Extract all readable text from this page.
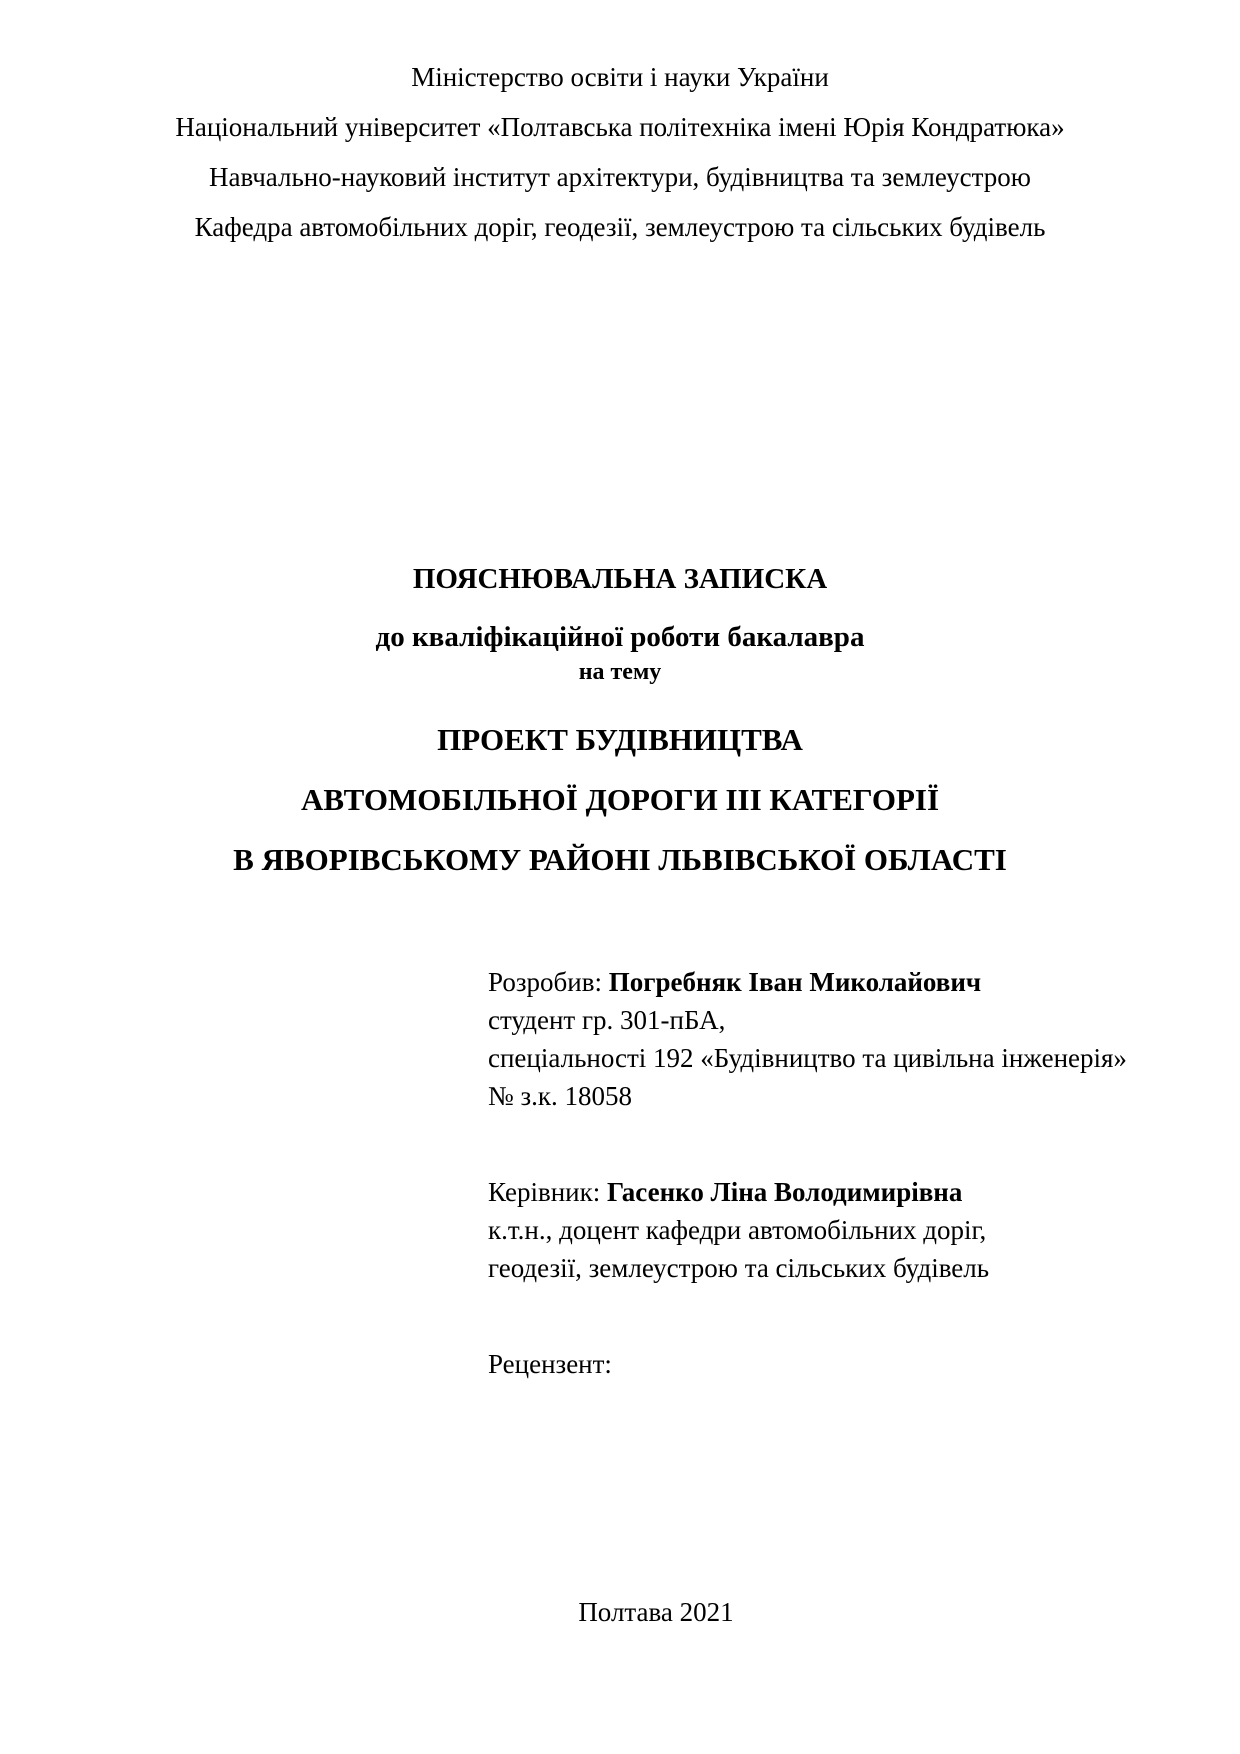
Міністерство освіти і науки України
Національний університет «Полтавська політехніка імені Юрія Кондратюка»
Навчально-науковий інститут архітектури, будівництва та землеустрою
Кафедра автомобільних доріг, геодезії, землеустрою та сільських будівель
ПОЯСНЮВАЛЬНА ЗАПИСКА
до кваліфікаційної роботи бакалавра
на тему
ПРОЕКТ БУДІВНИЦТВА
АВТОМОБІЛЬНОЇ ДОРОГИ ІІІ КАТЕГОРІЇ
В ЯВОРІВСЬКОМУ РАЙОНІ ЛЬВІВСЬКОЇ ОБЛАСТІ
Розробив: Погребняк Іван Миколайович
студент гр. 301-пБА,
спеціальності 192 «Будівництво та цивільна інженерія»
№ з.к. 18058
Керівник: Гасенко Ліна Володимирівна
к.т.н., доцент кафедри автомобільних доріг,
геодезії, землеустрою та сільських будівель
Рецензент:
Полтава 2021
